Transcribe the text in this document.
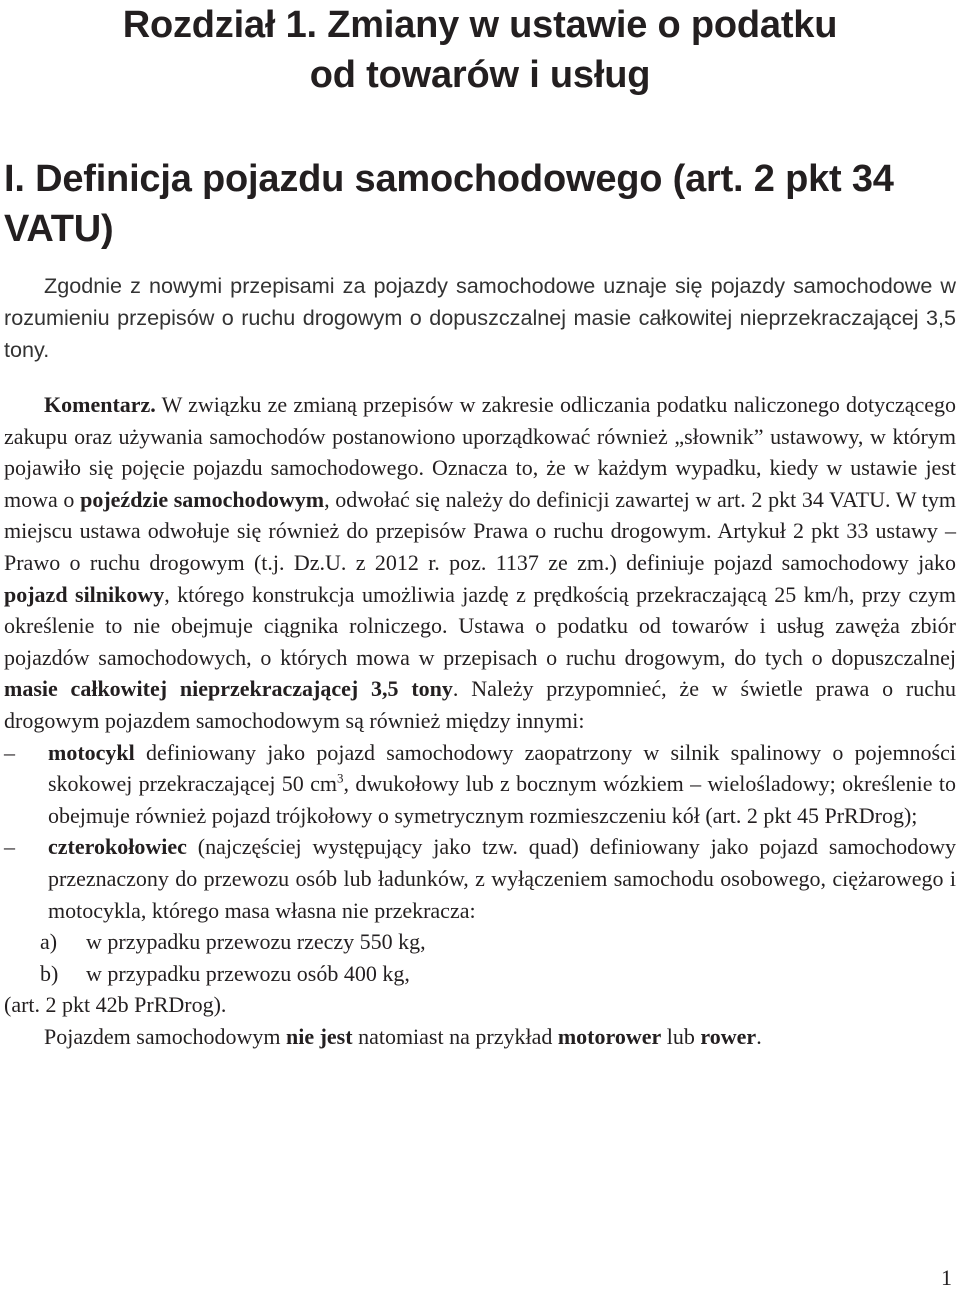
Rozdział 1. Zmiany w ustawie o podatku
od towarów i usług
I. Definicja pojazdu samochodowego (art. 2 pkt 34 VATU)
Zgodnie z nowymi przepisami za pojazdy samochodowe uznaje się pojazdy samochodowe w rozumieniu przepisów o ruchu drogowym o dopuszczalnej masie całkowitej nieprzekraczającej 3,5 tony.

Komentarz. W związku ze zmianą przepisów w zakresie odliczania podatku naliczonego dotyczącego zakupu oraz używania samochodów postanowiono uporządkować również „słownik” ustawowy, w którym pojawiło się pojęcie pojazdu samochodowego. Oznacza to, że w każdym wypadku, kiedy w ustawie jest mowa o pojeździe samochodowym, odwołać się należy do definicji zawartej w art. 2 pkt 34 VATU. W tym miejscu ustawa odwołuje się również do przepisów Prawa o ruchu drogowym. Artykuł 2 pkt 33 ustawy – Prawo o ruchu drogowym (t.j. Dz.U. z 2012 r. poz. 1137 ze zm.) definiuje pojazd samochodowy jako pojazd silnikowy, którego konstrukcja umożliwia jazdę z prędkością przekraczającą 25 km/h, przy czym określenie to nie obejmuje ciągnika rolniczego. Ustawa o podatku od towarów i usług zawęża zbiór pojazdów samochodowych, o których mowa w przepisach o ruchu drogowym, do tych o dopuszczalnej masie całkowitej nieprzekraczającej 3,5 tony. Należy przypomnieć, że w świetle prawa o ruchu drogowym pojazdem samochodowym są również między innymi:

– motocykl definiowany jako pojazd samochodowy zaopatrzony w silnik spalinowy o pojemności skokowej przekraczającej 50 $cm^3$, dwukołowy lub z bocznym wózkiem – wielośladowy; określenie to obejmuje również pojazd trójkołowy o symetrycznym rozmieszczeniu kół (art. 2 pkt 45 PrRDrog);
– czterokołowiec (najczęściej występujący jako tzw. quad) definiowany jako pojazd samochodowy przeznaczony do przewozu osób lub ładunków, z wyłączeniem samochodu osobowego, ciężarowego i motocykla, którego masa własna nie przekracza:
a) w przypadku przewozu rzeczy 550 kg,
b) w przypadku przewozu osób 400 kg,

(art. 2 pkt 42b PrRDrog).

Pojazdem samochodowym nie jest natomiast na przykład motorower lub rower.

1
